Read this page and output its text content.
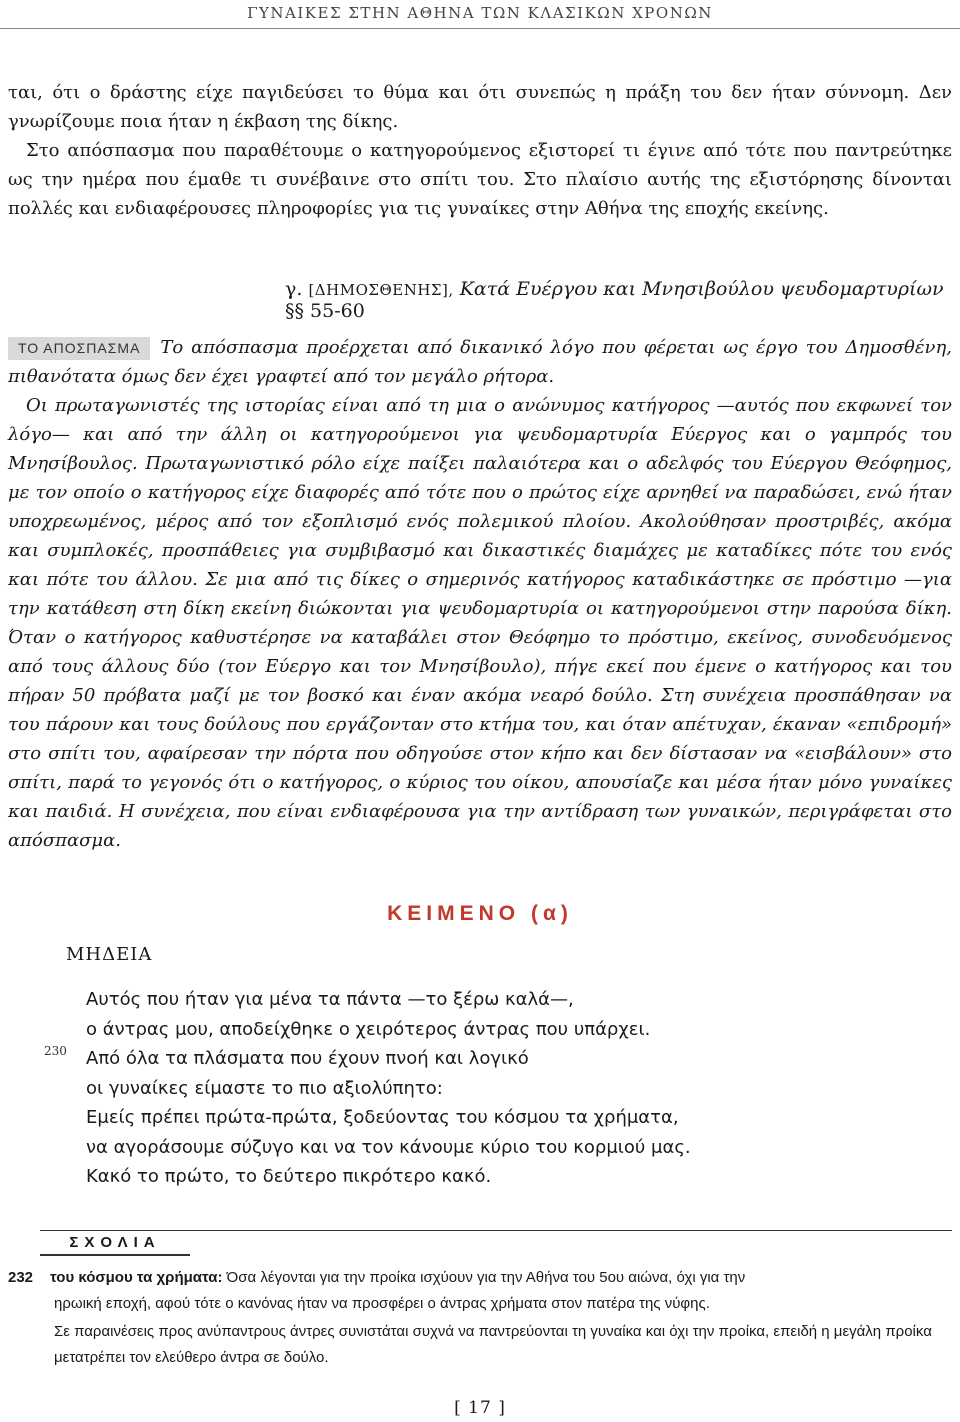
ΓΥΝΑΙΚΕΣ ΣΤΗΝ ΑΘΗΝΑ ΤΩΝ ΚΛΑΣΙΚΩΝ ΧΡΟΝΩΝ
ται, ότι ο δράστης είχε παγιδεύσει το θύμα και ότι συνεπώς η πράξη του δεν ήταν σύννομη. Δεν γνωρίζουμε ποια ήταν η έκβαση της δίκης.
Στο απόσπασμα που παραθέτουμε ο κατηγορούμενος εξιστορεί τι έγινε από τότε που παντρεύτηκε ως την ημέρα που έμαθε τι συνέβαινε στο σπίτι του. Στο πλαίσιο αυτής της εξιστόρησης δίνονται πολλές και ενδιαφέρουσες πληροφορίες για τις γυναίκες στην Αθήνα της εποχής εκείνης.
γ. [ΔΗΜΟΣΘΕΝΗΣ], Κατά Ευέργου και Μνησιβούλου ψευδομαρτυρίων §§ 55-60
ΤΟ ΑΠΟΣΠΑΣΜΑ Το απόσπασμα προέρχεται από δικανικό λόγο που φέρεται ως έργο του Δημοσθένη, πιθανότατα όμως δεν έχει γραφτεί από τον μεγάλο ρήτορα.
Οι πρωταγωνιστές της ιστορίας είναι από τη μια ο ανώνυμος κατήγορος —αυτός που εκφωνεί τον λόγο— και από την άλλη οι κατηγορούμενοι για ψευδομαρτυρία Εύεργος και ο γαμπρός του Μνησίβουλος. Πρωταγωνιστικό ρόλο είχε παίξει παλαιότερα και ο αδελφός του Εύεργου Θεόφημος, με τον οποίο ο κατήγορος είχε διαφορές από τότε που ο πρώτος είχε αρνηθεί να παραδώσει, ενώ ήταν υποχρεωμένος, μέρος από τον εξοπλισμό ενός πολεμικού πλοίου. Ακολούθησαν προστριβές, ακόμα και συμπλοκές, προσπάθειες για συμβιβασμό και δικαστικές διαμάχες με καταδίκες πότε του ενός και πότε του άλλου. Σε μια από τις δίκες ο σημερινός κατήγορος καταδικάστηκε σε πρόστιμο —για την κατάθεση στη δίκη εκείνη διώκονται για ψευδομαρτυρία οι κατηγορούμενοι στην παρούσα δίκη. Όταν ο κατήγορος καθυστέρησε να καταβάλει στον Θεόφημο το πρόστιμο, εκείνος, συνοδευόμενος από τους άλλους δύο (τον Εύεργο και τον Μνησίβουλο), πήγε εκεί που έμενε ο κατήγορος και του πήραν 50 πρόβατα μαζί με τον βοσκό και έναν ακόμα νεαρό δούλο. Στη συνέχεια προσπάθησαν να του πάρουν και τους δούλους που εργάζονταν στο κτήμα του, και όταν απέτυχαν, έκαναν «επιδρομή» στο σπίτι του, αφαίρεσαν την πόρτα που οδηγούσε στον κήπο και δεν δίστασαν να «εισβάλουν» στο σπίτι, παρά το γεγονός ότι ο κατήγορος, ο κύριος του οίκου, απουσίαζε και μέσα ήταν μόνο γυναίκες και παιδιά. Η συνέχεια, που είναι ενδιαφέρουσα για την αντίδραση των γυναικών, περιγράφεται στο απόσπασμα.
ΚΕΙΜΕΝΟ (α)
ΜΗΔΕΙΑ
230
Αυτός που ήταν για μένα τα πάντα —το ξέρω καλά—,
ο άντρας μου, αποδείχθηκε ο χειρότερος άντρας που υπάρχει.
Από όλα τα πλάσματα που έχουν πνοή και λογικό
οι γυναίκες είμαστε το πιο αξιολύπητο:
Εμείς πρέπει πρώτα-πρώτα, ξοδεύοντας του κόσμου τα χρήματα,
να αγοράσουμε σύζυγο και να τον κάνουμε κύριο του κορμιού μας.
Κακό το πρώτο, το δεύτερο πικρότερο κακό.
ΣΧΟΛΙΑ
232 του κόσμου τα χρήματα: Όσα λέγονται για την προίκα ισχύουν για την Αθήνα του 5ου αιώνα, όχι για την
ηρωική εποχή, αφού τότε ο κανόνας ήταν να προσφέρει ο άντρας χρήματα στον πατέρα της νύφης.
Σε παραινέσεις προς ανύπαντρους άντρες συνιστάται συχνά να παντρεύονται τη γυναίκα και όχι την προίκα, επειδή η μεγάλη προίκα μετατρέπει τον ελεύθερο άντρα σε δούλο.
[ 17 ]
